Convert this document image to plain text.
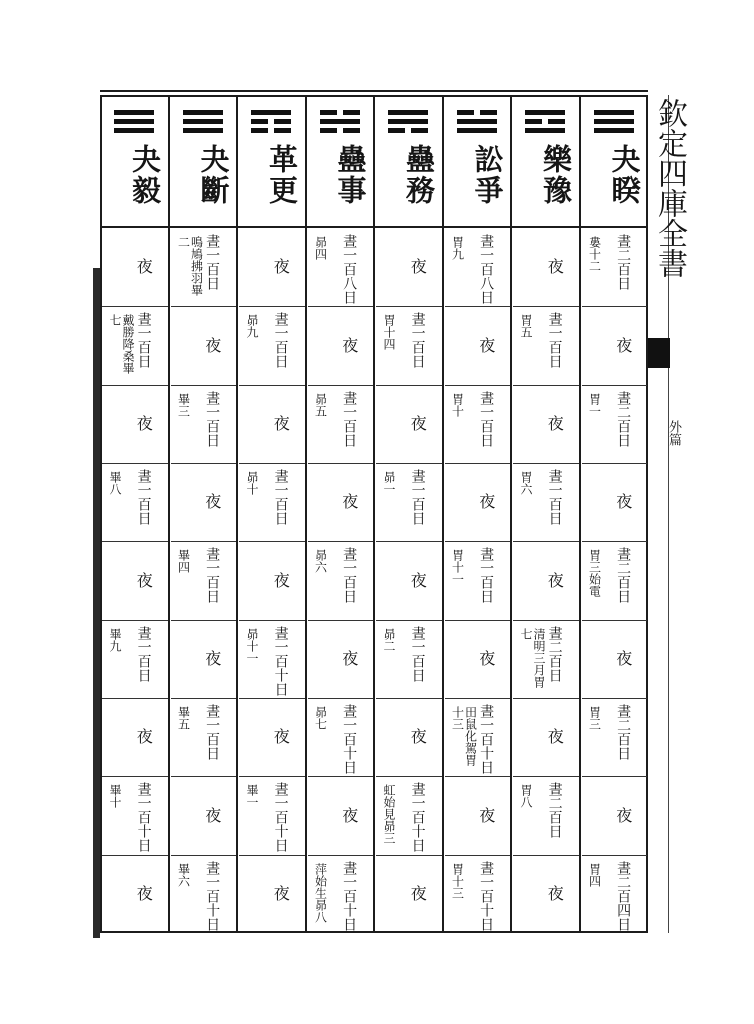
欽定四庫全書
外篇
夬睽
晝二百日
婁十二
夜
晝二百日
胃一
夜
晝二百日
胃三始電
夜
晝二百日
胃三
夜
晝二百四日
胃四
樂豫
夜
晝一百日
胃五
夜
晝一百日
胃六
夜
晝二百日
清明三月胃七
夜
晝二百日
胃八
夜
訟爭
晝一百八日
胃九
夜
晝一百日
胃十
夜
晝一百日
胃十一
夜
晝一百十日
田鼠化駕胃十三
夜
晝一百十日
胃十三
蠱務
夜
晝一百日
胃十四
夜
晝一百日
昴一
夜
晝一百日
昴二
夜
晝一百十日
虹始見昴三
夜
蠱事
晝一百八日
昴四
夜
晝一百日
昴五
夜
晝一百日
昴六
夜
晝一百十日
昴七
夜
晝一百十日
萍始生昴八
革更
夜
晝一百日
昴九
夜
晝一百日
昴十
夜
晝一百十日
昴十一
夜
晝一百十日
畢一
夜
夬斷
晝一百日
鳴鳩拂羽畢二
夜
晝一百日
畢三
夜
晝一百日
畢四
夜
晝一百日
畢五
夜
晝一百十日
畢六
夬毅
夜
晝一百日
戴勝降桑畢七
夜
晝一百日
畢八
夜
晝一百日
畢九
夜
晝一百十日
畢十
夜
